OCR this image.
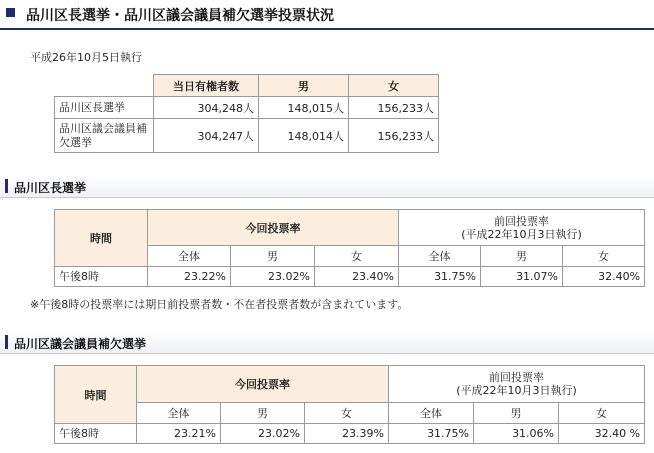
品川区長選挙・品川区議会議員補欠選挙投票状況
平成26年10月5日執行
	当日有権者数	男	女
品川区長選挙	304,248人	148,015人	156,233人
品川区議会議員補欠選挙	304,247人	148,014人	156,233人
品川区長選挙
時間	今回投票率			前回投票率
(平成22年10月3日執行)		

	全体	男	女	全体	男	女
午後8時	23.22%	23.02%	23.40%	31.75%	31.07%	32.40%
※午後8時の投票率には期日前投票者数・不在者投票者数が含まれています。
品川区議会議員補欠選挙
時間	今回投票率			前回投票率
(平成22年10月3日執行)		

	全体	男	女	全体	男	女
午後8時	23.21%	23.02%	23.39%	31.75%	31.06%	32.40 %
